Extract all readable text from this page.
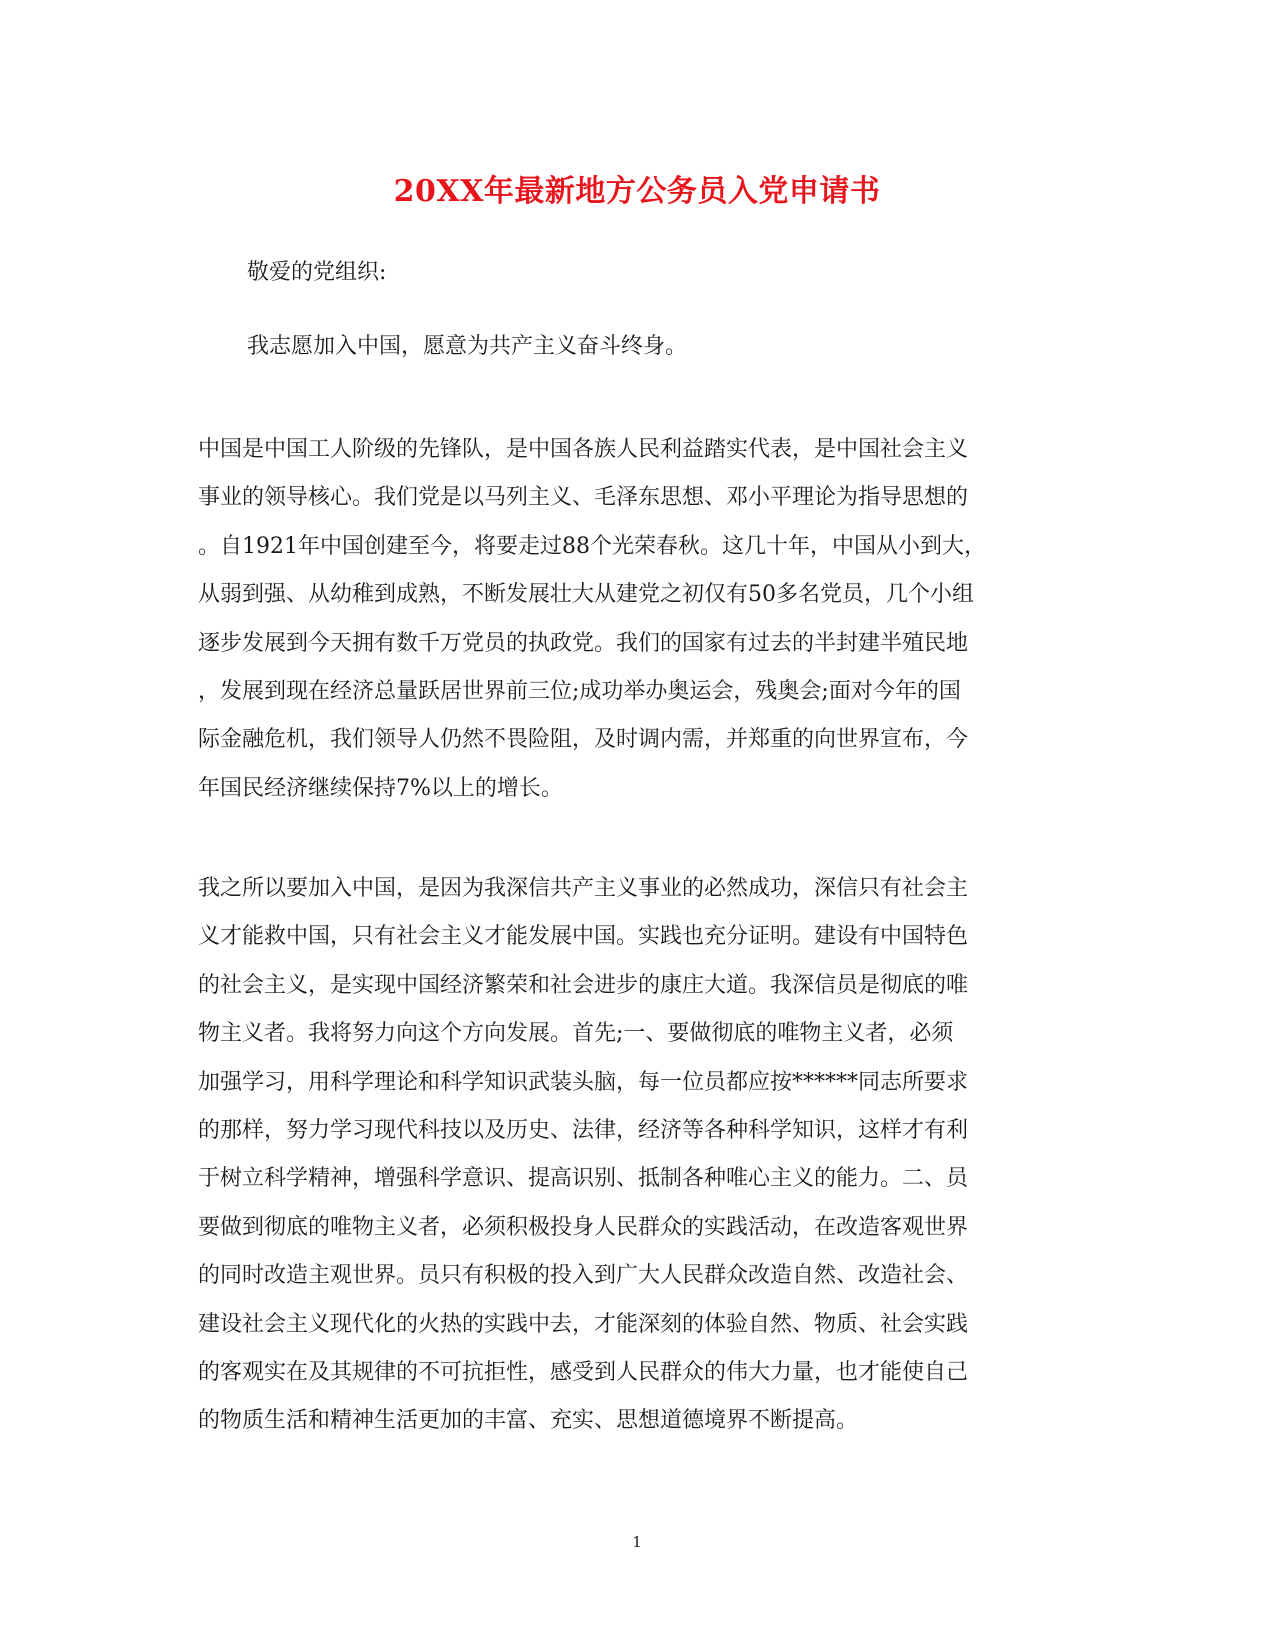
20XX年最新地方公务员入党申请书
敬爱的党组织:
我志愿加入中国，愿意为共产主义奋斗终身。
中国是中国工人阶级的先锋队，是中国各族人民利益踏实代表，是中国社会主义
事业的领导核心。我们党是以马列主义、毛泽东思想、邓小平理论为指导思想的
。自1921年中国创建至今，将要走过88个光荣春秋。这几十年，中国从小到大，
从弱到强、从幼稚到成熟，不断发展壮大从建党之初仅有50多名党员，几个小组
逐步发展到今天拥有数千万党员的执政党。我们的国家有过去的半封建半殖民地
，发展到现在经济总量跃居世界前三位;成功举办奥运会，残奥会;面对今年的国
际金融危机，我们领导人仍然不畏险阻，及时调内需，并郑重的向世界宣布，今
年国民经济继续保持7%以上的增长。
我之所以要加入中国，是因为我深信共产主义事业的必然成功，深信只有社会主
义才能救中国，只有社会主义才能发展中国。实践也充分证明。建设有中国特色
的社会主义，是实现中国经济繁荣和社会进步的康庄大道。我深信员是彻底的唯
物主义者。我将努力向这个方向发展。首先;一、要做彻底的唯物主义者，必须
加强学习，用科学理论和科学知识武装头脑，每一位员都应按******同志所要求
的那样，努力学习现代科技以及历史、法律，经济等各种科学知识，这样才有利
于树立科学精神，增强科学意识、提高识别、抵制各种唯心主义的能力。二、员
要做到彻底的唯物主义者，必须积极投身人民群众的实践活动，在改造客观世界
的同时改造主观世界。员只有积极的投入到广大人民群众改造自然、改造社会、
建设社会主义现代化的火热的实践中去，才能深刻的体验自然、物质、社会实践
的客观实在及其规律的不可抗拒性，感受到人民群众的伟大力量，也才能使自己
的物质生活和精神生活更加的丰富、充实、思想道德境界不断提高。
1
